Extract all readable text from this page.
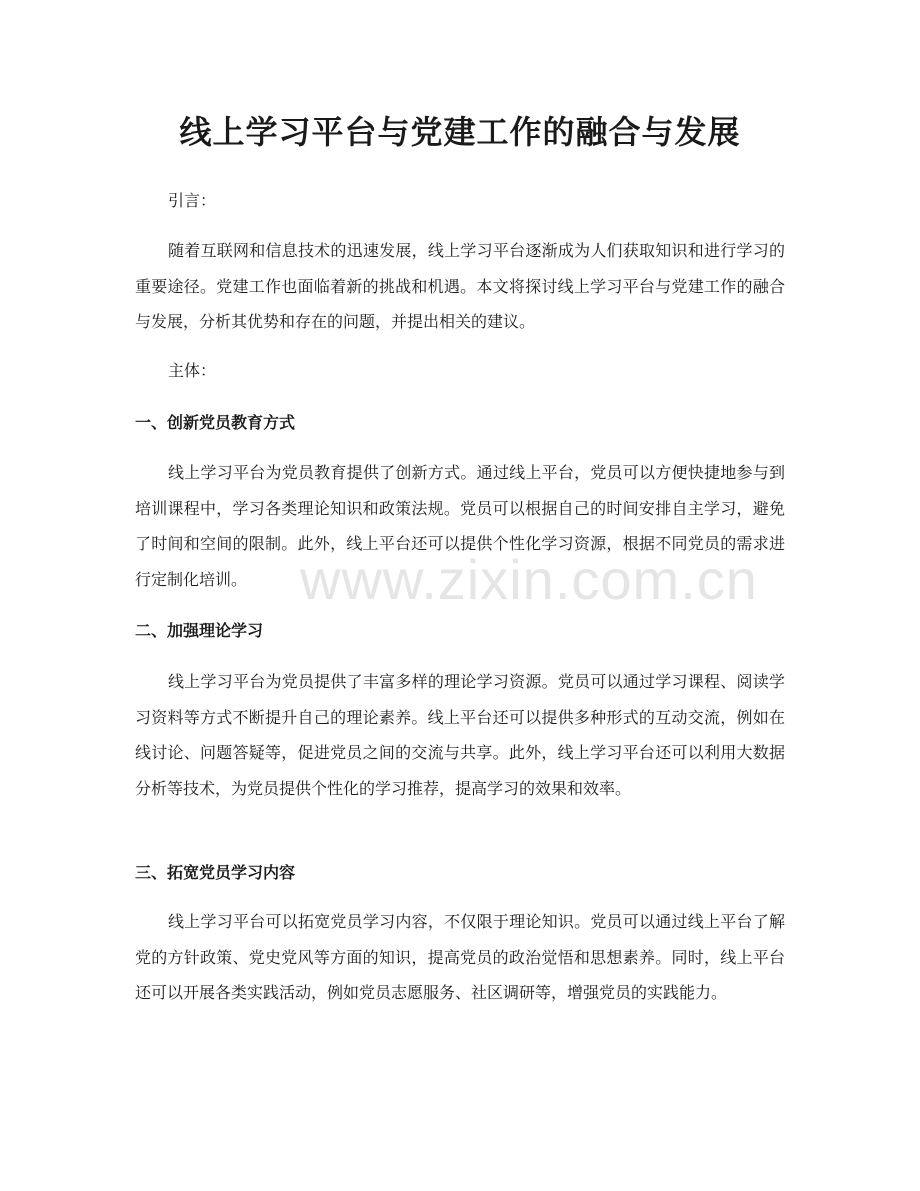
线上学习平台与党建工作的融合与发展

引言：

随着互联网和信息技术的迅速发展，线上学习平台逐渐成为人们获取知识和进行学习的重要途径。党建工作也面临着新的挑战和机遇。本文将探讨线上学习平台与党建工作的融合与发展，分析其优势和存在的问题，并提出相关的建议。

主体：

一、创新党员教育方式

线上学习平台为党员教育提供了创新方式。通过线上平台，党员可以方便快捷地参与到培训课程中，学习各类理论知识和政策法规。党员可以根据自己的时间安排自主学习，避免了时间和空间的限制。此外，线上平台还可以提供个性化学习资源，根据不同党员的需求进行定制化培训。

二、加强理论学习

线上学习平台为党员提供了丰富多样的理论学习资源。党员可以通过学习课程、阅读学习资料等方式不断提升自己的理论素养。线上平台还可以提供多种形式的互动交流，例如在线讨论、问题答疑等，促进党员之间的交流与共享。此外，线上学习平台还可以利用大数据分析等技术，为党员提供个性化的学习推荐，提高学习的效果和效率。

三、拓宽党员学习内容

线上学习平台可以拓宽党员学习内容，不仅限于理论知识。党员可以通过线上平台了解党的方针政策、党史党风等方面的知识，提高党员的政治觉悟和思想素养。同时，线上平台还可以开展各类实践活动，例如党员志愿服务、社区调研等，增强党员的实践能力。

www.zixin.com.cn
